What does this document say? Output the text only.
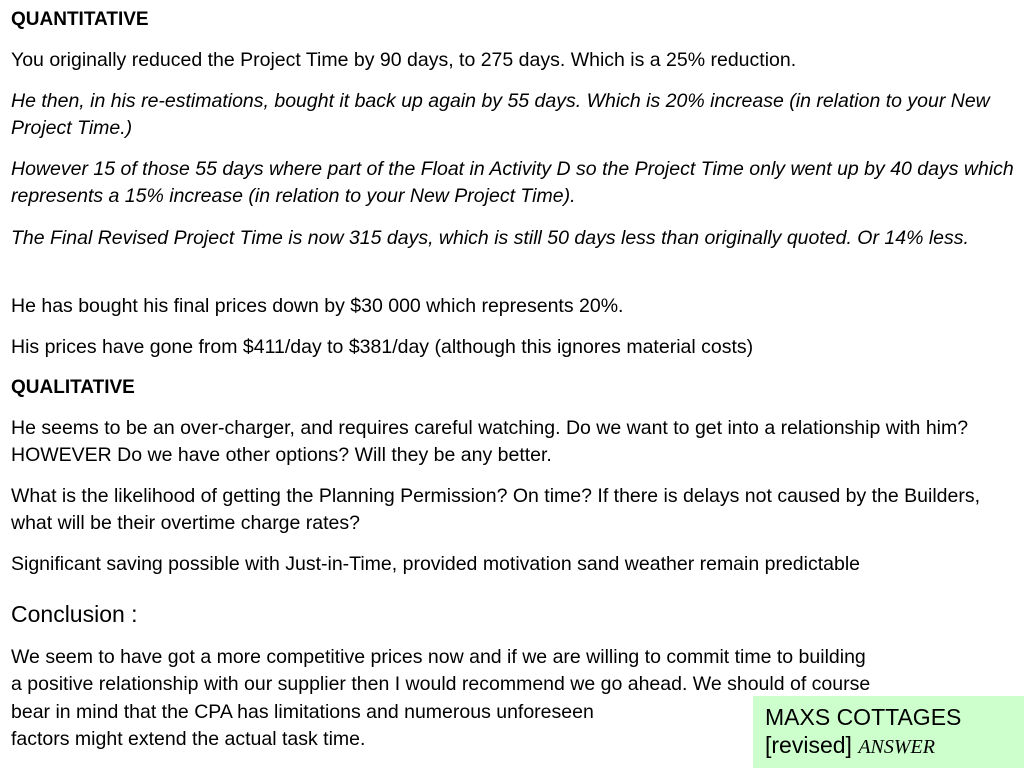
QUANTITATIVE

You originally reduced the Project Time by 90 days, to 275 days. Which is a 25% reduction.

He then, in his re-estimations, bought it back up again by 55 days. Which is 20% increase (in relation to your New Project Time.)

However 15 of those 55 days where part of the Float in Activity D so the Project Time only went up by 40 days which represents a 15% increase (in relation to your New Project Time).

The Final Revised Project Time is now 315 days, which is still 50 days less than originally quoted. Or 14% less.

He has bought his final prices down by $30 000 which represents 20%.

His prices have gone from $411/day to $381/day (although this ignores material costs)

QUALITATIVE

He seems to be an over-charger, and requires careful watching. Do we want to get into a relationship with him? HOWEVER Do we have other options? Will they be any better.

What is the likelihood of getting the Planning Permission? On time? If there is delays not caused by the Builders, what will be their overtime charge rates?

Significant saving possible with Just-in-Time, provided motivation sand weather remain predictable

Conclusion :

We seem to have got a more competitive prices now and if we are willing to commit time to building

a positive relationship with our supplier then I would recommend we go ahead. We should of course

bear in mind that the CPA has limitations and numerous unforeseen

factors might extend the actual task time.

MAXS COTTAGES
[revised] ANSWER
